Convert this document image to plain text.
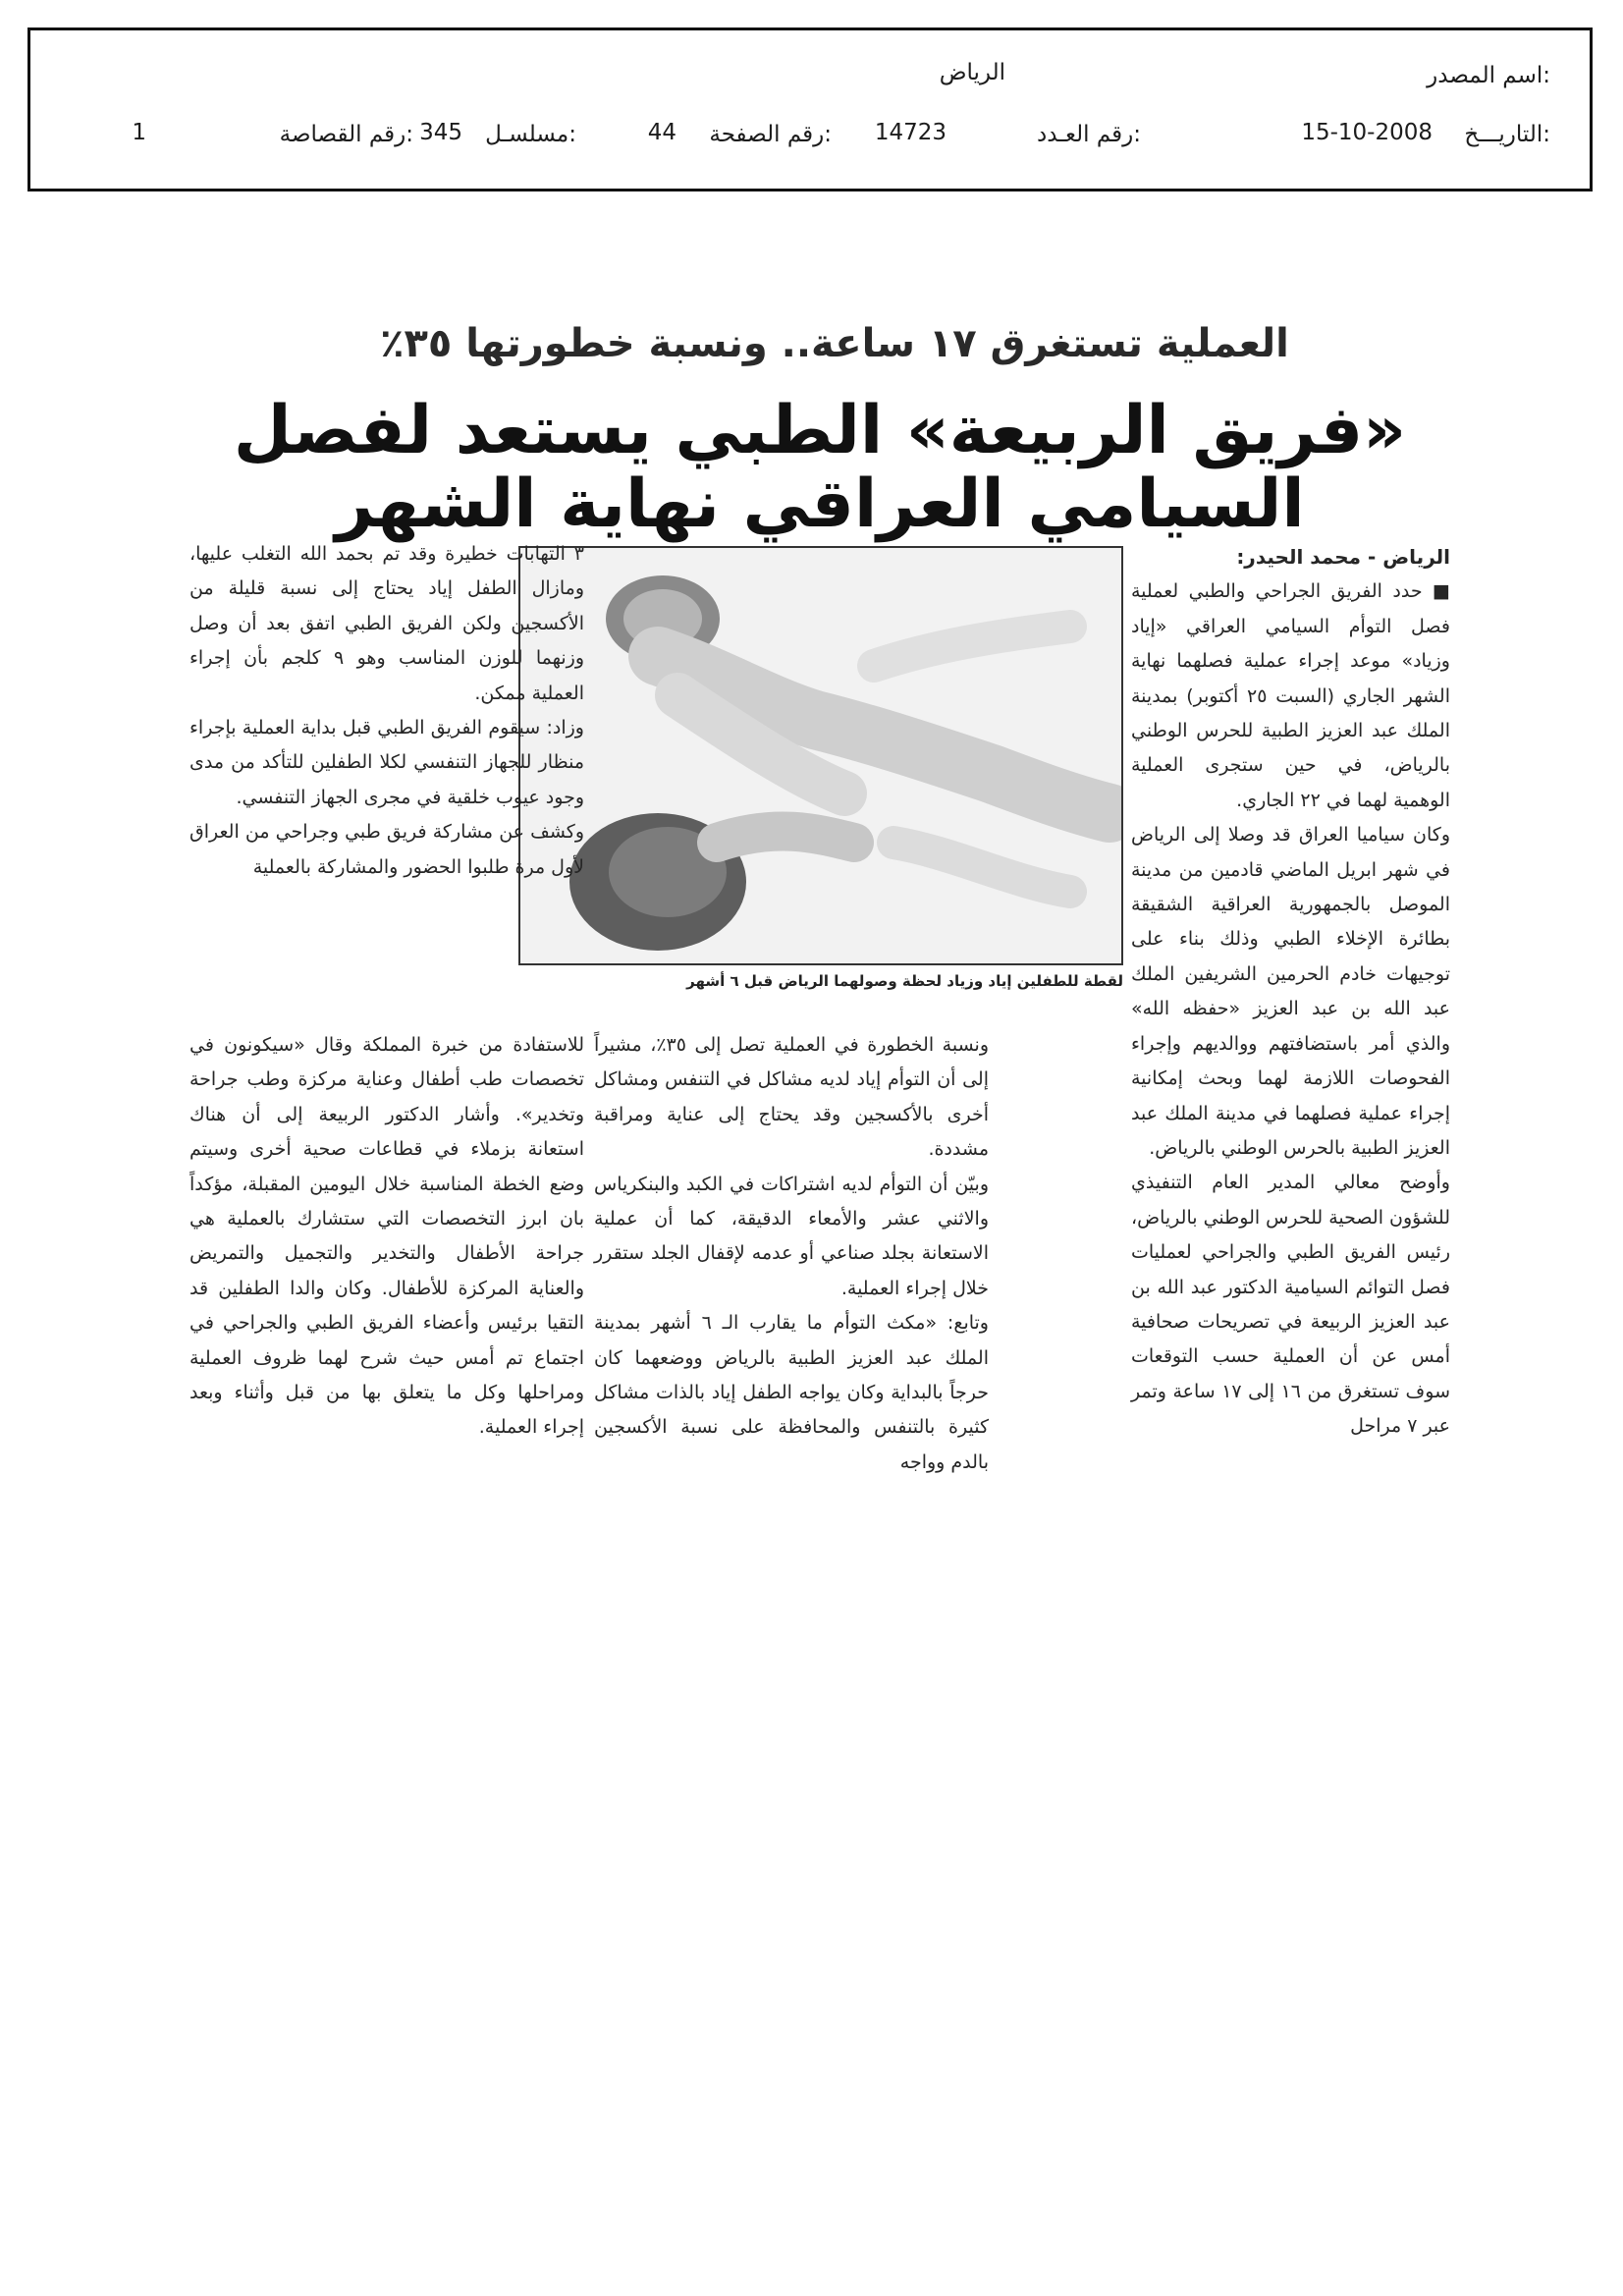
اسم المصدر:
الرياض
التاريـــخ:
15-10-2008
رقم العـدد:
14723
رقم الصفحة:
44
مسلسـل:
345
رقم القصاصة:
1
العملية تستغرق ١٧ ساعة.. ونسبة خطورتها ٣٥٪
«فريق الربيعة» الطبي يستعد لفصل السيامي العراقي نهاية الشهر

الرياض - محمد الحيدر:

■ حدد الفريق الجراحي والطبي لعملية فصل التوأم السيامي العراقي «إياد وزياد» موعد إجراء عملية فصلهما نهاية الشهر الجاري (السبت ٢٥ أكتوبر) بمدينة الملك عبد العزيز الطبية للحرس الوطني بالرياض، في حين ستجرى العملية الوهمية لهما في ٢٢ الجاري.

وكان سياميا العراق قد وصلا إلى الرياض في شهر ابريل الماضي قادمين من مدينة الموصل بالجمهورية العراقية الشقيقة بطائرة الإخلاء الطبي وذلك بناء على توجيهات خادم الحرمين الشريفين الملك عبد الله بن عبد العزيز «حفظه الله» والذي أمر باستضافتهم ووالديهم وإجراء الفحوصات اللازمة لهما وبحث إمكانية إجراء عملية فصلهما في مدينة الملك عبد العزيز الطبية بالحرس الوطني بالرياض.

وأوضح معالي المدير العام التنفيذي للشؤون الصحية للحرس الوطني بالرياض، رئيس الفريق الطبي والجراحي لعمليات فصل التوائم السيامية الدكتور عبد الله بن عبد العزيز الربيعة في تصريحات صحافية أمس عن أن العملية حسب التوقعات سوف تستغرق من ١٦ إلى ١٧ ساعة وتمر عبر ٧ مراحل

لقطة للطفلين إياد وزياد لحظة وصولهما الرياض قبل ٦ أشهر

٣ التهابات خطيرة وقد تم بحمد الله التغلب عليها، ومازال الطفل إياد يحتاج إلى نسبة قليلة من الأكسجين ولكن الفريق الطبي اتفق بعد أن وصل وزنهما للوزن المناسب وهو ٩ كلجم بأن إجراء العملية ممكن.

وزاد: سيقوم الفريق الطبي قبل بداية العملية بإجراء منظار للجهاز التنفسي لكلا الطفلين للتأكد من مدى وجود عيوب خلقية في مجرى الجهاز التنفسي.

وكشف عن مشاركة فريق طبي وجراحي من العراق لأول مرة طلبوا الحضور والمشاركة بالعملية

ونسبة الخطورة في العملية تصل إلى ٣٥٪، مشيراً إلى أن التوأم إياد لديه مشاكل في التنفس ومشاكل أخرى بالأكسجين وقد يحتاج إلى عناية ومراقبة مشددة.

وبيّن أن التوأم لديه اشتراكات في الكبد والبنكرياس والاثني عشر والأمعاء الدقيقة، كما أن عملية الاستعانة بجلد صناعي أو عدمه لإقفال الجلد ستقرر خلال إجراء العملية.

وتابع: «مكث التوأم ما يقارب الـ ٦ أشهر بمدينة الملك عبد العزيز الطبية بالرياض ووضعهما كان حرجاً بالبداية وكان يواجه الطفل إياد بالذات مشاكل كثيرة بالتنفس والمحافظة على نسبة الأكسجين بالدم وواجه

للاستفادة من خبرة المملكة وقال «سيكونون في تخصصات طب أطفال وعناية مركزة وطب جراحة وتخدير». وأشار الدكتور الربيعة إلى أن هناك استعانة بزملاء في قطاعات صحية أخرى وسيتم وضع الخطة المناسبة خلال اليومين المقبلة، مؤكداً بان ابرز التخصصات التي ستشارك بالعملية هي جراحة الأطفال والتخدير والتجميل والتمريض والعناية المركزة للأطفال. وكان والدا الطفلين قد التقيا برئيس وأعضاء الفريق الطبي والجراحي في اجتماع تم أمس حيث شرح لهما ظروف العملية ومراحلها وكل ما يتعلق بها من قبل وأثناء وبعد إجراء العملية.
